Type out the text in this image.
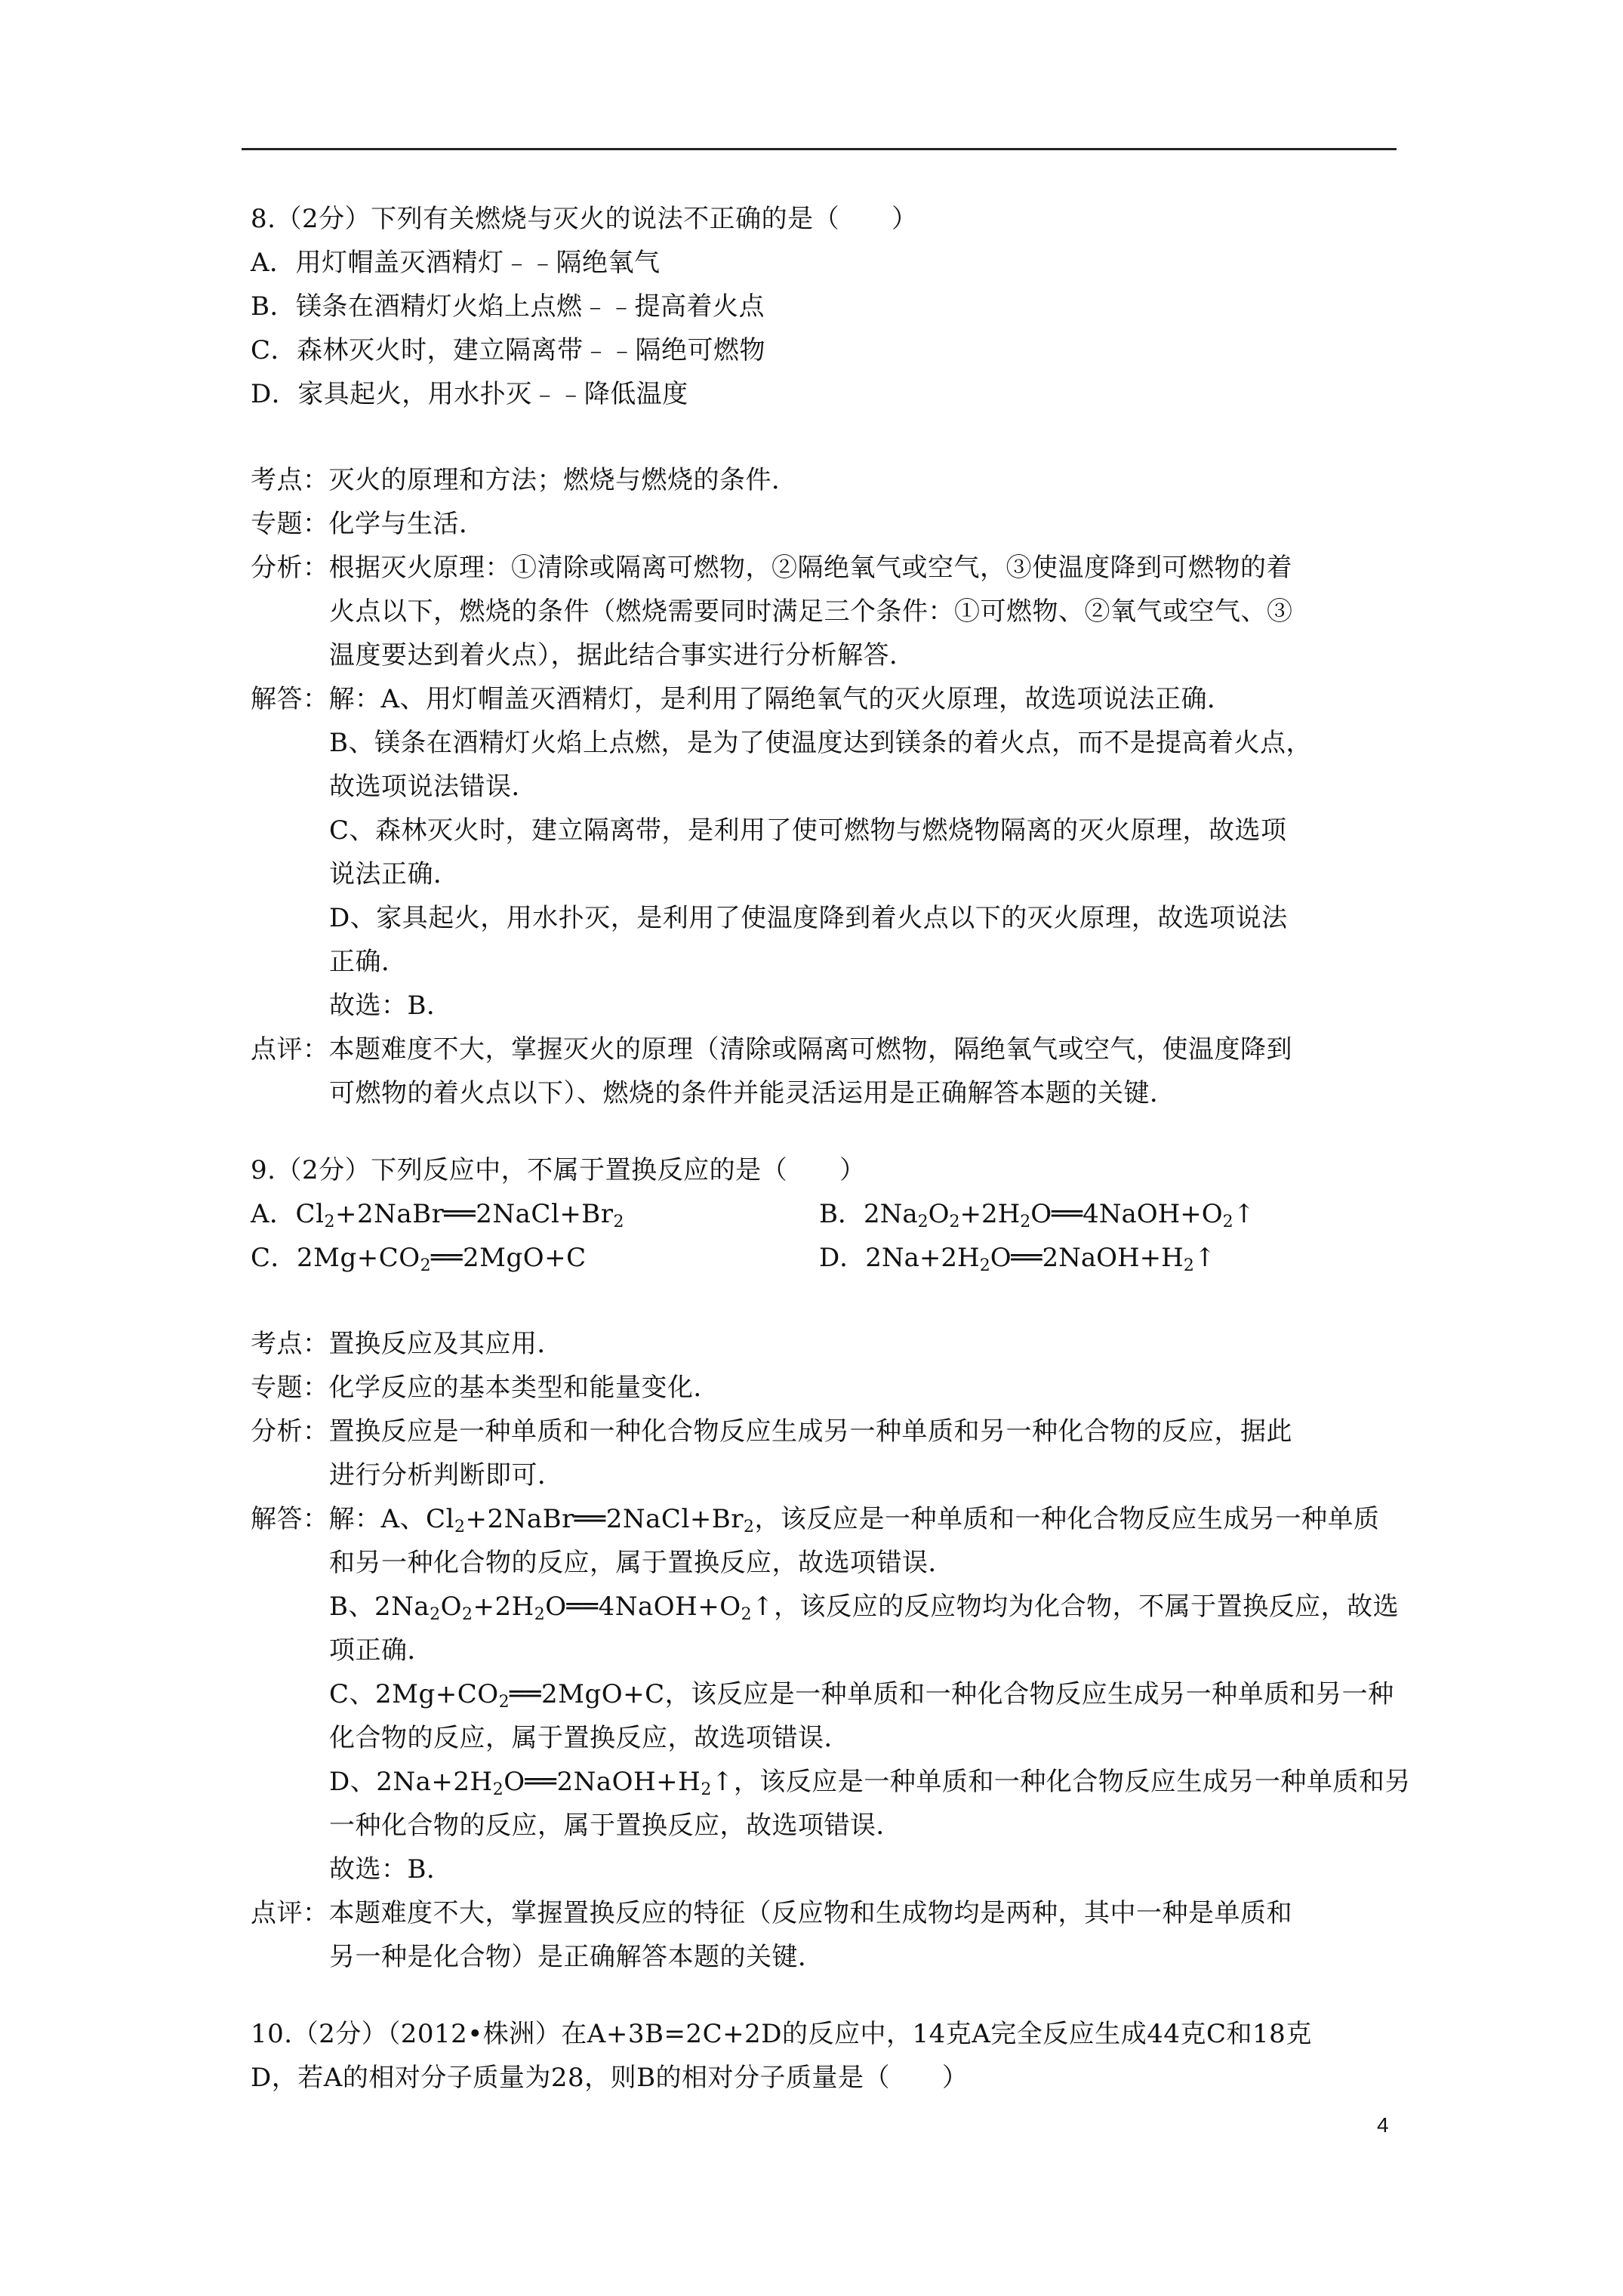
8.（2分）下列有关燃烧与灭火的说法不正确的是（　　）
A．用灯帽盖灭酒精灯﹣﹣隔绝氧气
B．镁条在酒精灯火焰上点燃﹣﹣提高着火点
C．森林灭火时，建立隔离带﹣﹣隔绝可燃物
D．家具起火，用水扑灭﹣﹣降低温度
考点：灭火的原理和方法；燃烧与燃烧的条件．
专题：化学与生活．
分析：根据灭火原理：①清除或隔离可燃物，②隔绝氧气或空气，③使温度降到可燃物的着
火点以下，燃烧的条件（燃烧需要同时满足三个条件：①可燃物、②氧气或空气、③
温度要达到着火点），据此结合事实进行分析解答．
解答：解：A、用灯帽盖灭酒精灯，是利用了隔绝氧气的灭火原理，故选项说法正确．
B、镁条在酒精灯火焰上点燃，是为了使温度达到镁条的着火点，而不是提高着火点，
故选项说法错误．
C、森林灭火时，建立隔离带，是利用了使可燃物与燃烧物隔离的灭火原理，故选项
说法正确．
D、家具起火，用水扑灭，是利用了使温度降到着火点以下的灭火原理，故选项说法
正确．
故选：B．
点评：本题难度不大，掌握灭火的原理（清除或隔离可燃物，隔绝氧气或空气，使温度降到
可燃物的着火点以下）、燃烧的条件并能灵活运用是正确解答本题的关键．
9.（2分）下列反应中，不属于置换反应的是（　　）
A．$Cl_2+2NaBr══2NaCl+Br_2$	B．$2Na_2O_2+2H_2O══4NaOH+O_2↑$
C．$2Mg+CO_2══2MgO+C$	D．$2Na+2H_2O══2NaOH+H_2↑$
考点：置换反应及其应用．
专题：化学反应的基本类型和能量变化．
分析：置换反应是一种单质和一种化合物反应生成另一种单质和另一种化合物的反应，据此
进行分析判断即可．
解答：解：A、$Cl_2+2NaBr══2NaCl+Br_2$，该反应是一种单质和一种化合物反应生成另一种单质
和另一种化合物的反应，属于置换反应，故选项错误．
B、$2Na_2O_2+2H_2O══4NaOH+O_2↑$，该反应的反应物均为化合物，不属于置换反应，故选
项正确．
C、$2Mg+CO_2══2MgO+C$，该反应是一种单质和一种化合物反应生成另一种单质和另一种
化合物的反应，属于置换反应，故选项错误．
D、$2Na+2H_2O══2NaOH+H_2↑$，该反应是一种单质和一种化合物反应生成另一种单质和另
一种化合物的反应，属于置换反应，故选项错误．
故选：B．
点评：本题难度不大，掌握置换反应的特征（反应物和生成物均是两种，其中一种是单质和
另一种是化合物）是正确解答本题的关键．
10.（2分）（2012•株洲）在A+3B=2C+2D的反应中，14克A完全反应生成44克C和18克
D，若A的相对分子质量为28，则B的相对分子质量是（　　）
4
